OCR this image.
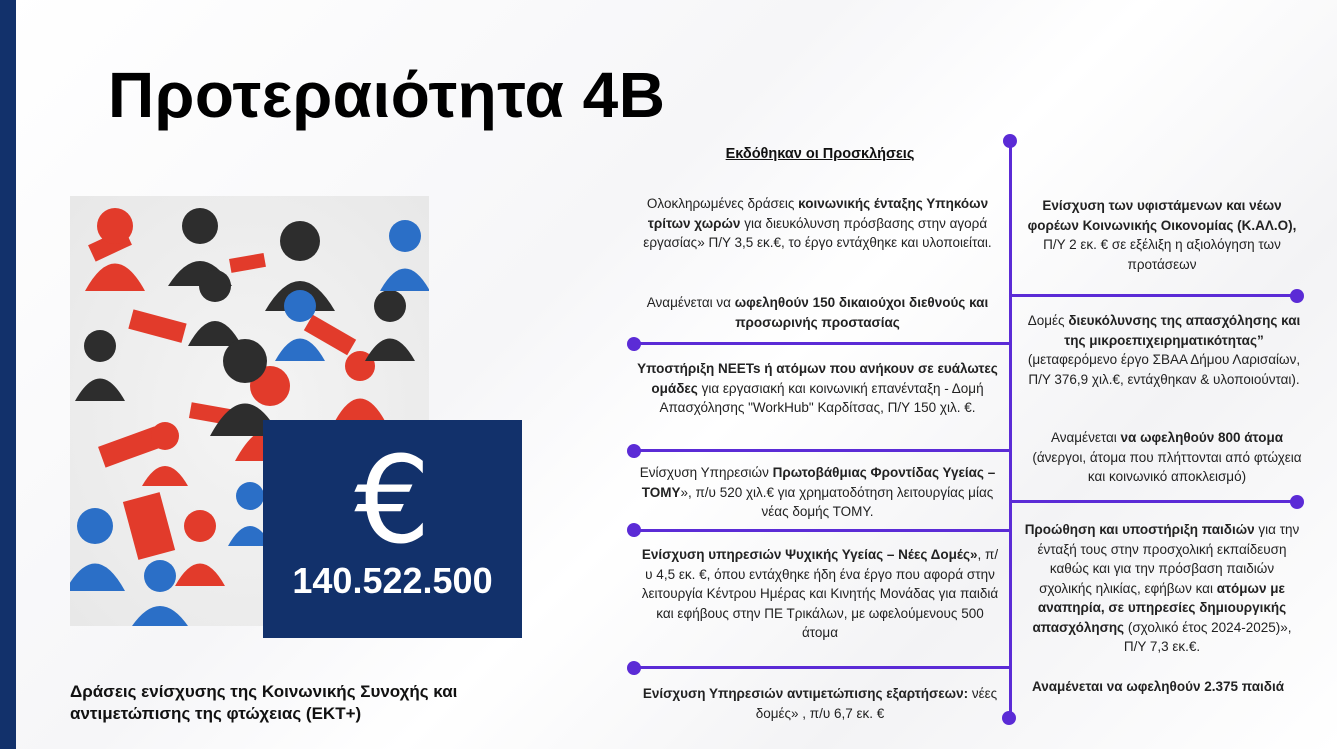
Προτεραιότητα 4Β
€
140.522.500

Δράσεις ενίσχυσης της Κοινωνικής Συνοχής και
αντιμετώπισης της φτώχειας (ΕΚΤ+)

Εκδόθηκαν οι Προσκλήσεις
Ολοκληρωμένες δράσεις κοινωνικής ένταξης Υπηκόων τρίτων χωρών για διευκόλυνση πρόσβασης στην αγορά εργασίας» Π/Υ 3,5 εκ.€, το έργο εντάχθηκε και υλοποιείται.
Αναμένεται να ωφεληθούν 150 δικαιούχοι διεθνούς και προσωρινής προστασίας
Υποστήριξη NEETs ή ατόμων που ανήκουν σε ευάλωτες ομάδες για εργασιακή και κοινωνική επανένταξη - Δομή Απασχόλησης "WorkHub" Καρδίτσας, Π/Υ 150 χιλ. €.
Ενίσχυση Υπηρεσιών Πρωτοβάθμιας Φροντίδας Υγείας – ΤΟΜΥ», π/υ 520 χιλ.€ για χρηματοδότηση λειτουργίας μίας νέας δομής ΤΟΜΥ.
Ενίσχυση υπηρεσιών Ψυχικής Υγείας – Νέες Δομές», π/υ 4,5 εκ. €, όπου εντάχθηκε ήδη ένα έργο που αφορά στην λειτουργία Κέντρου Ημέρας και Κινητής Μονάδας για παιδιά και εφήβους στην ΠΕ Τρικάλων, με ωφελούμενους 500 άτομα
Ενίσχυση Υπηρεσιών αντιμετώπισης εξαρτήσεων: νέες δομές» , π/υ 6,7 εκ. €
Ενίσχυση των υφιστάμενων και νέων φορέων Κοινωνικής Οικονομίας (Κ.ΑΛ.Ο), Π/Υ 2 εκ. € σε εξέλιξη η αξιολόγηση των προτάσεων
Δομές διευκόλυνσης της απασχόλησης και της μικροεπιχειρηματικότητας” (μεταφερόμενο έργο ΣΒΑΑ Δήμου Λαρισαίων, Π/Υ 376,9 χιλ.€, εντάχθηκαν & υλοποιούνται).
Αναμένεται να ωφεληθούν 800 άτομα (άνεργοι, άτομα που πλήττονται από φτώχεια και κοινωνικό αποκλεισμό)
Προώθηση και υποστήριξη παιδιών για την ένταξή τους στην προσχολική εκπαίδευση καθώς και για την πρόσβαση παιδιών σχολικής ηλικίας, εφήβων και ατόμων με αναπηρία, σε υπηρεσίες δημιουργικής απασχόλησης (σχολικό έτος 2024-2025)», Π/Υ 7,3 εκ.€.
Αναμένεται να ωφεληθούν 2.375 παιδιά
